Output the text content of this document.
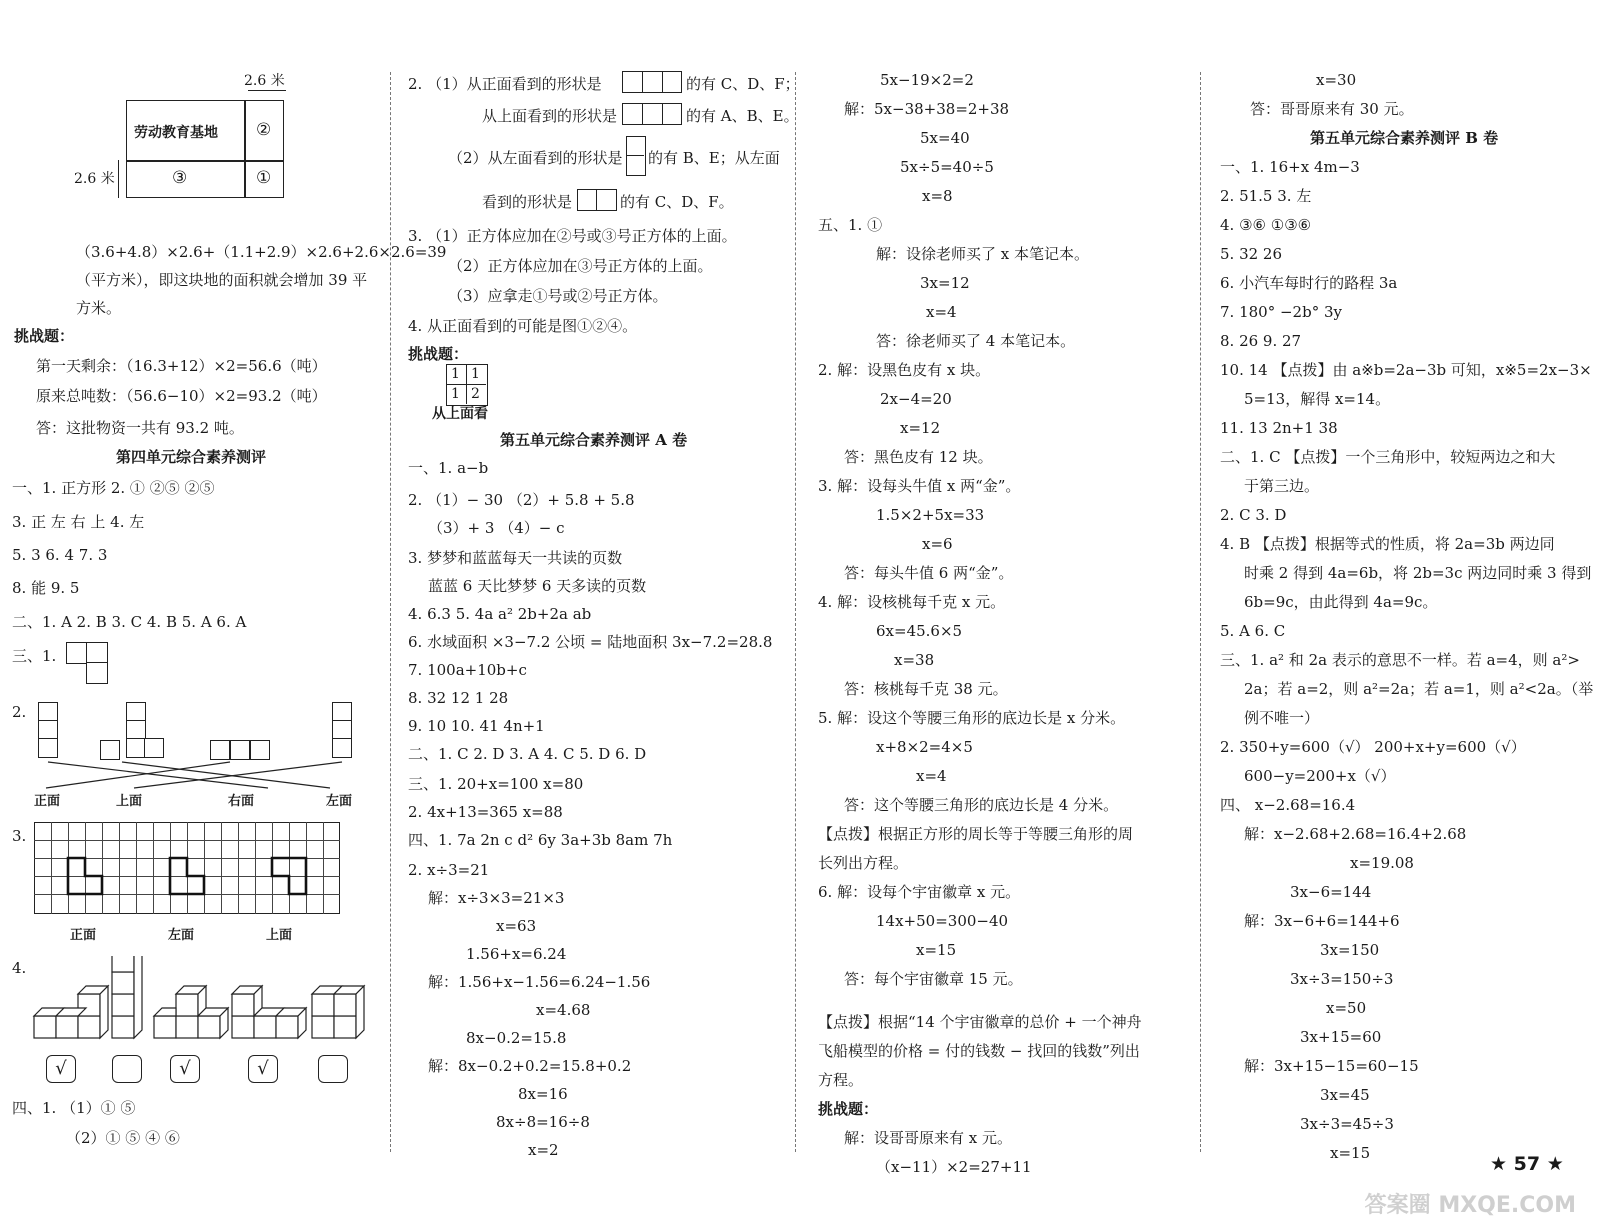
2.6 米
劳动教育基地 ②
③	①
2.6 米
（3.6+4.8）×2.6+（1.1+2.9）×2.6+2.6×2.6=39
（平方米），即这块地的面积就会增加 39 平
方米。
挑战题：
第一天剩余：（16.3+12）×2=56.6（吨）
原来总吨数：（56.6−10）×2=93.2（吨）
答：这批物资一共有 93.2 吨。
第四单元综合素养测评
一、1. 正方形 2. ① ②⑤ ②⑤
3. 正 左 右 上 4. 左
5. 3 6. 4 7. 3
8. 能 9. 5
二、1. A 2. B 3. C 4. B 5. A 6. A
三、1.
2.
正面	上面	右面	左面
3.
正面	左面	上面
4.
√	√	√
四、1. （1）① ⑤
（2）① ⑤ ④ ⑥
2. （1）从正面看到的形状是	的有 C、D、F；
从上面看到的形状是	的有 A、B、E。
（2）从左面看到的形状是 的有 B、E；从左面
看到的形状是	的有 C、D、F。
3. （1）正方体应加在②号或③号正方体的上面。
（2）正方体应加在③号正方体的上面。
（3）应拿走①号或②号正方体。
4. 从正面看到的可能是图①②④。
挑战题：
1 1
1 2
从上面看
第五单元综合素养测评 A 卷
一、1. a−b
2. （1）− 30 （2）+ 5.8 + 5.8
（3）+ 3 （4）− c
3. 梦梦和蓝蓝每天一共读的页数
蓝蓝 6 天比梦梦 6 天多读的页数
4. 6.3 5. 4a a² 2b+2a ab
6. 水域面积 ×3−7.2 公顷 = 陆地面积 3x−7.2=28.8
7. 100a+10b+c
8. 32 12 1 28
9. 10 10. 41 4n+1
二、1. C 2. D 3. A 4. C 5. D 6. D
三、1. 20+x=100 x=80
2. 4x+13=365 x=88
四、1. 7a 2n c d² 6y 3a+3b 8am 7h
2. x÷3=21
解：x÷3×3=21×3
x=63
1.56+x=6.24
解：1.56+x−1.56=6.24−1.56
x=4.68
8x−0.2=15.8
解：8x−0.2+0.2=15.8+0.2
8x=16
8x÷8=16÷8
x=2
5x−19×2=2
解：5x−38+38=2+38
5x=40
5x÷5=40÷5
x=8
五、1. ①
解：设徐老师买了 x 本笔记本。
3x=12
x=4
答：徐老师买了 4 本笔记本。
2. 解：设黑色皮有 x 块。
2x−4=20
x=12
答：黑色皮有 12 块。
3. 解：设每头牛值 x 两“金”。
1.5×2+5x=33
x=6
答：每头牛值 6 两“金”。
4. 解：设核桃每千克 x 元。
6x=45.6×5
x=38
答：核桃每千克 38 元。
5. 解：设这个等腰三角形的底边长是 x 分米。
x+8×2=4×5
x=4
答：这个等腰三角形的底边长是 4 分米。
【点拨】根据正方形的周长等于等腰三角形的周
长列出方程。
6. 解：设每个宇宙徽章 x 元。
14x+50=300−40
x=15
答：每个宇宙徽章 15 元。
【点拨】根据“14 个宇宙徽章的总价 + 一个神舟
飞船模型的价格 = 付的钱数 − 找回的钱数”列出
方程。
挑战题：
解：设哥哥原来有 x 元。
（x−11）×2=27+11
x=30
答：哥哥原来有 30 元。
第五单元综合素养测评 B 卷
一、1. 16+x 4m−3
2. 51.5 3. 左
4. ③⑥ ①③⑥
5. 32 26
6. 小汽车每时行的路程 3a
7. 180° −2b° 3y
8. 26 9. 27
10. 14 【点拨】由 a※b=2a−3b 可知，x※5=2x−3×
5=13，解得 x=14。
11. 13 2n+1 38
二、1. C 【点拨】一个三角形中，较短两边之和大
于第三边。
2. C 3. D
4. B 【点拨】根据等式的性质，将 2a=3b 两边同
时乘 2 得到 4a=6b，将 2b=3c 两边同时乘 3 得到
6b=9c，由此得到 4a=9c。
5. A 6. C
三、1. a² 和 2a 表示的意思不一样。若 a=4，则 a²>
2a；若 a=2，则 a²=2a；若 a=1，则 a²<2a。（举
例不唯一）
2. 350+y=600（√） 200+x+y=600（√）
600−y=200+x（√）
四、 x−2.68=16.4
解：x−2.68+2.68=16.4+2.68
x=19.08
3x−6=144
解：3x−6+6=144+6
3x=150
3x÷3=150÷3
x=50
3x+15=60
解：3x+15−15=60−15
3x=45
3x÷3=45÷3
x=15	★ 57 ★
答案圈 MXQE.COM
